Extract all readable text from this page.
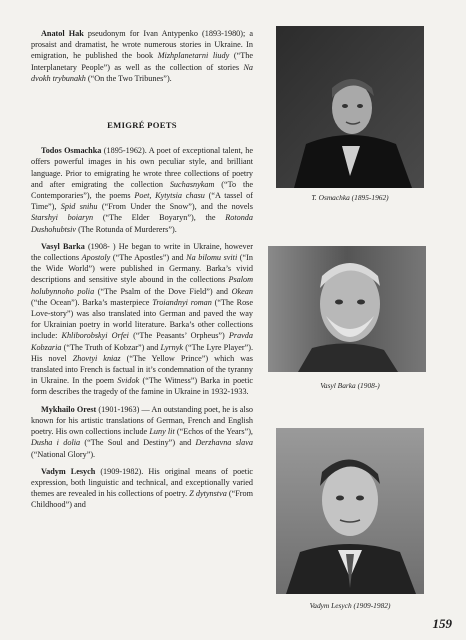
Anatol Hak pseudonym for Ivan Antypenko (1893-1980); a prosaist and dramatist, he wrote numerous stories in Ukraine. In emigration, he published the book Mizhplanetarni liudy (“The Interplanetary People”) as well as the collection of stories Na dvokh trybunakh (“On the Two Tribunes”).

EMIGRÉ POETS

Todos Osmachka (1895-1962). A poet of exceptional talent, he offers powerful images in his own peculiar style, and brilliant language. Prior to emigrating he wrote three collections of poetry and after emigrating the collection Suchasnykam (“To the Contemporaries”), the poems Poet, Kytytsia chasu (“A tassel of Time”), Spid snihu (“From Under the Snow”), and the novels Starshyi boiaryn (“The Elder Boyaryn”), the Rotonda Dushohubtsiv (The Rotunda of Murderers”).

Vasyl Barka (1908- ) He began to write in Ukraine, however the collections Apostoly (“The Apostles”) and Na bilomu sviti (“In the Wide World”) were published in Germany. Barka’s vivid descriptions and sensitive style abound in the collections Psalom holubynnoho polia (“The Psalm of the Dove Field”) and Okean (“the Ocean”). Barka’s masterpiece Troiandnyi roman (“The Rose Love-story”) was also translated into German and paved the way for Ukrainian poetry in world literature. Barka’s other collections include: Khliborobskyi Orfei (“The Peasants’ Orpheus”) Pravda Kobzaria (“The Truth of Kobzar”) and Lyrnyk (“The Lyre Player”). His novel Zhovtyi kniaz (“The Yellow Prince”) which was translated into French is factual in it’s condemnation of the tyranny in Ukraine. In the poem Svidok (“The Witness”) Barka in poetic form describes the tragedy of the famine in Ukraine in 1932-1933.

Mykhailo Orest (1901-1963) — An outstanding poet, he is also known for his artistic translations of German, French and English poetry. His own collections include Luny lit (“Echos of the Years”), Dusha i dolia (“The Soul and Destiny”) and Derzhavna slava (“National Glory”).

Vadym Lesych (1909-1982). His original means of poetic expression, both linguistic and technical, and exceptionally varied themes are revealed in his collections of poetry. Z dytynstva (“From Childhood”) and

T. Osmachka (1895-1962)
Vasyl Barka (1908-)
Vadym Lesych (1909-1982)
159
